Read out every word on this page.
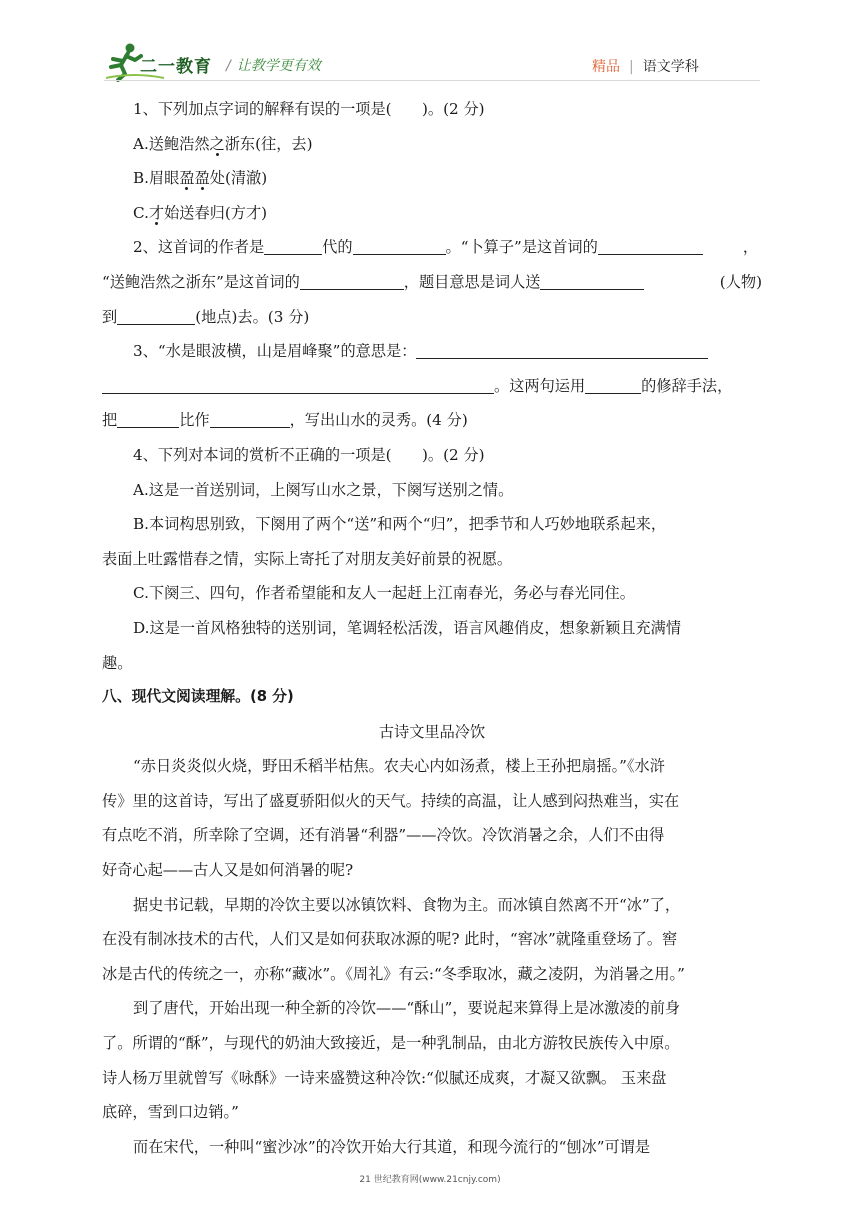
二一教育 / 让教学更有效	精品 | 语文学科

1、下列加点字词的解释有误的一项是(　　)。(2 分)

A.送鲍浩然之浙东(往，去)

B.眉眼盈盈处(清澈)

C.才始送春归(方才)

2、这首词的作者是	代的	。“卜算子”是这首词的	，

“送鲍浩然之浙东”是这首词的	，题目意思是词人送	(人物)

到	(地点)去。(3 分)

3、“水是眼波横，山是眉峰聚”的意思是：

。这两句运用	的修辞手法，

把	比作	，写出山水的灵秀。(4 分)

4、下列对本词的赏析不正确的一项是(　　)。(2 分)

A.这是一首送别词，上阕写山水之景，下阕写送别之情。

B.本词构思别致，下阕用了两个“送”和两个“归”，把季节和人巧妙地联系起来，

表面上吐露惜春之情，实际上寄托了对朋友美好前景的祝愿。

C.下阕三、四句，作者希望能和友人一起赶上江南春光，务必与春光同住。

D.这是一首风格独特的送别词，笔调轻松活泼，语言风趣俏皮，想象新颖且充满情

趣。

八、现代文阅读理解。(8 分)

古诗文里品冷饮

“赤日炎炎似火烧，野田禾稻半枯焦。农夫心内如汤煮，楼上王孙把扇摇。”《水浒

传》里的这首诗，写出了盛夏骄阳似火的天气。持续的高温，让人感到闷热难当，实在

有点吃不消，所幸除了空调，还有消暑“利器”——冷饮。冷饮消暑之余，人们不由得

好奇心起——古人又是如何消暑的呢?

据史书记载，早期的冷饮主要以冰镇饮料、食物为主。而冰镇自然离不开“冰”了，

在没有制冰技术的古代，人们又是如何获取冰源的呢? 此时，“窖冰”就隆重登场了。窖

冰是古代的传统之一，亦称“藏冰”。《周礼》有云:“冬季取冰，藏之凌阴，为消暑之用。”

到了唐代，开始出现一种全新的冷饮——“酥山”，要说起来算得上是冰激凌的前身

了。所谓的“酥”，与现代的奶油大致接近，是一种乳制品，由北方游牧民族传入中原。

诗人杨万里就曾写《咏酥》一诗来盛赞这种冷饮:“似腻还成爽，才凝又欲飘。 玉来盘

底碎，雪到口边销。”

而在宋代，一种叫“蜜沙冰”的冷饮开始大行其道，和现今流行的“刨冰”可谓是

21 世纪教育网(www.21cnjy.com)
